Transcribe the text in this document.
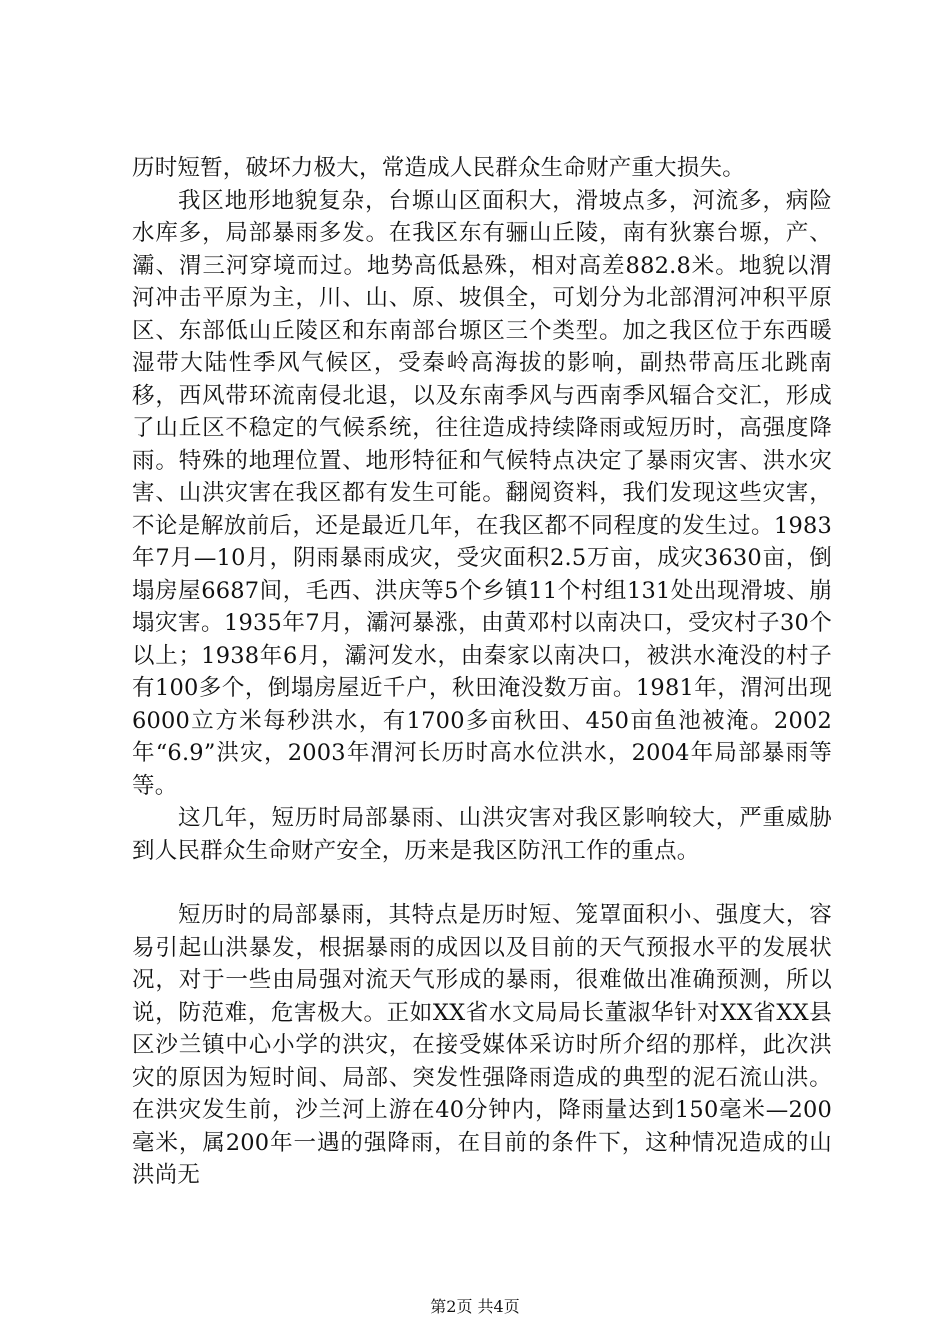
历时短暂，破坏力极大，常造成人民群众生命财产重大损失。

我区地形地貌复杂，台塬山区面积大，滑坡点多，河流多，病险水库多，局部暴雨多发。在我区东有骊山丘陵，南有狄寨台塬，产、灞、渭三河穿境而过。地势高低悬殊，相对高差882.8米。地貌以渭河冲击平原为主，川、山、原、坡俱全，可划分为北部渭河冲积平原区、东部低山丘陵区和东南部台塬区三个类型。加之我区位于东西暖湿带大陆性季风气候区，受秦岭高海拔的影响，副热带高压北跳南移，西风带环流南侵北退，以及东南季风与西南季风辐合交汇，形成了山丘区不稳定的气候系统，往往造成持续降雨或短历时，高强度降雨。特殊的地理位置、地形特征和气候特点决定了暴雨灾害、洪水灾害、山洪灾害在我区都有发生可能。翻阅资料，我们发现这些灾害，不论是解放前后，还是最近几年，在我区都不同程度的发生过。1983年7月—10月，阴雨暴雨成灾，受灾面积2.5万亩，成灾3630亩，倒塌房屋6687间，毛西、洪庆等5个乡镇11个村组131处出现滑坡、崩塌灾害。1935年7月，灞河暴涨，由黄邓村以南决口，受灾村子30个以上；1938年6月，灞河发水，由秦家以南决口，被洪水淹没的村子有100多个，倒塌房屋近千户，秋田淹没数万亩。1981年，渭河出现6000立方米每秒洪水，有1700多亩秋田、450亩鱼池被淹。2002年“6.9”洪灾，2003年渭河长历时高水位洪水，2004年局部暴雨等等。

这几年，短历时局部暴雨、山洪灾害对我区影响较大，严重威胁到人民群众生命财产安全，历来是我区防汛工作的重点。

短历时的局部暴雨，其特点是历时短、笼罩面积小、强度大，容易引起山洪暴发，根据暴雨的成因以及目前的天气预报水平的发展状况，对于一些由局强对流天气形成的暴雨，很难做出准确预测，所以说，防范难，危害极大。正如XX省水文局局长董淑华针对XX省XX县区沙兰镇中心小学的洪灾，在接受媒体采访时所介绍的那样，此次洪灾的原因为短时间、局部、突发性强降雨造成的典型的泥石流山洪。在洪灾发生前，沙兰河上游在40分钟内，降雨量达到150毫米—200毫米，属200年一遇的强降雨，在目前的条件下，这种情况造成的山洪尚无

第2页 共4页
